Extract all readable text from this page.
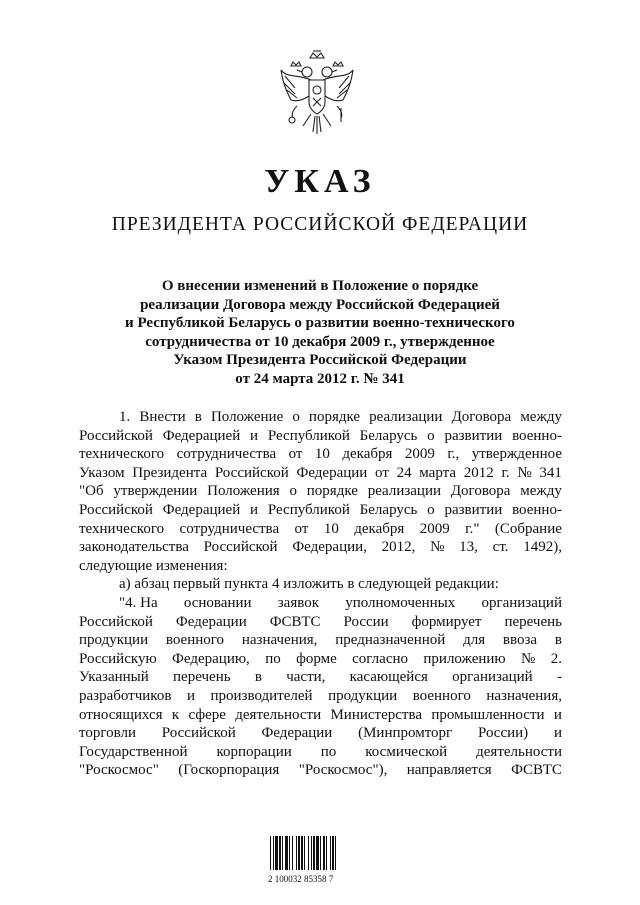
УКАЗ
ПРЕЗИДЕНТА РОССИЙСКОЙ ФЕДЕРАЦИИ
О внесении изменений в Положение о порядке
реализации Договора между Российской Федерацией
и Республикой Беларусь о развитии военно-технического
сотрудничества от 10 декабря 2009 г., утвержденное
Указом Президента Российской Федерации
от 24 марта 2012 г. № 341
1. Внести в Положение о порядке реализации Договора между
Российской Федерацией и Республикой Беларусь о развитии военно-
технического сотрудничества от 10 декабря 2009 г., утвержденное
Указом Президента Российской Федерации от 24 марта 2012 г. № 341
"Об утверждении Положения о порядке реализации Договора между
Российской Федерацией и Республикой Беларусь о развитии военно-
технического сотрудничества от 10 декабря 2009 г." (Собрание
законодательства Российской Федерации, 2012, № 13, ст. 1492),
следующие изменения:
а) абзац первый пункта 4 изложить в следующей редакции:
"4. На основании заявок уполномоченных организаций
Российской Федерации ФСВТС России формирует перечень
продукции военного назначения, предназначенной для ввоза в
Российскую Федерацию, по форме согласно приложению № 2.
Указанный перечень в части, касающейся организаций -
разработчиков и производителей продукции военного назначения,
относящихся к сфере деятельности Министерства промышленности и
торговли Российской Федерации (Минпромторг России) и
Государственной корпорации по космической деятельности
"Роскосмос" (Госкорпорация "Роскосмос"), направляется ФСВТС
2 100032 85358 7
